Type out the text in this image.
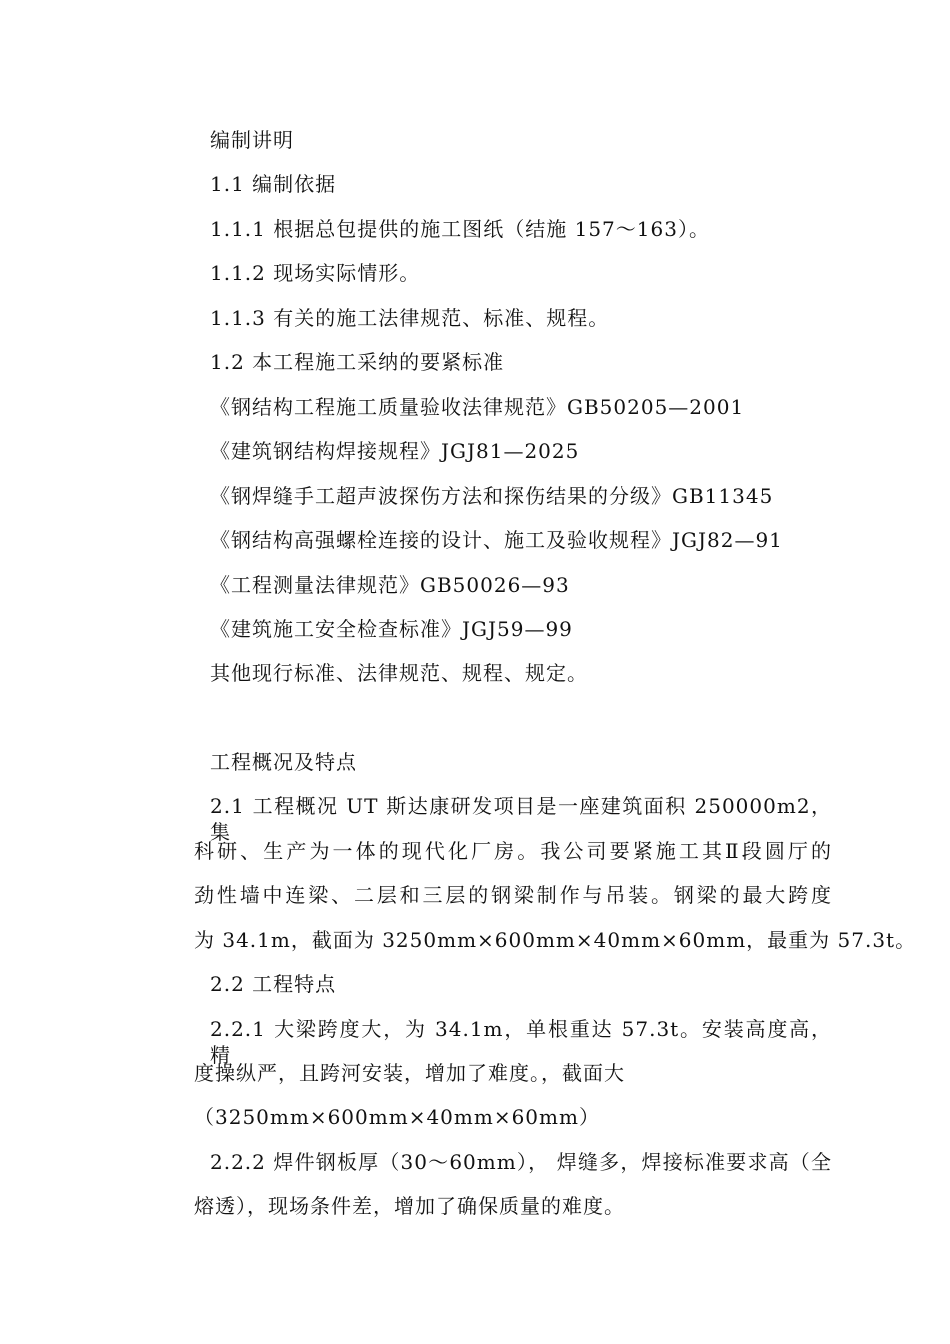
编制讲明
1.1 编制依据
1.1.1 根据总包提供的施工图纸（结施 157～163）。
1.1.2 现场实际情形。
1.1.3 有关的施工法律规范、标准、规程。
1.2 本工程施工采纳的要紧标准
《钢结构工程施工质量验收法律规范》GB50205—2001
《建筑钢结构焊接规程》JGJ81—2025
《钢焊缝手工超声波探伤方法和探伤结果的分级》GB11345
《钢结构高强螺栓连接的设计、施工及验收规程》JGJ82—91
《工程测量法律规范》GB50026—93
《建筑施工安全检查标准》JGJ59—99
其他现行标准、法律规范、规程、规定。
工程概况及特点
2.1 工程概况 UT 斯达康研发项目是一座建筑面积 250000m2， 集
科研、生产为一体的现代化厂房。我公司要紧施工其Ⅱ段圆厅的
劲性墙中连梁、二层和三层的钢梁制作与吊装。钢梁的最大跨度
为 34.1m，截面为 3250mm×600mm×40mm×60mm，最重为 57.3t。
2.2 工程特点
2.2.1 大梁跨度大，为 34.1m，单根重达 57.3t。安装高度高，精
度操纵严，且跨河安装，增加了难度。，截面大
（3250mm×600mm×40mm×60mm）
2.2.2 焊件钢板厚（30～60mm）， 焊缝多，焊接标准要求高（全
熔透），现场条件差，增加了确保质量的难度。
